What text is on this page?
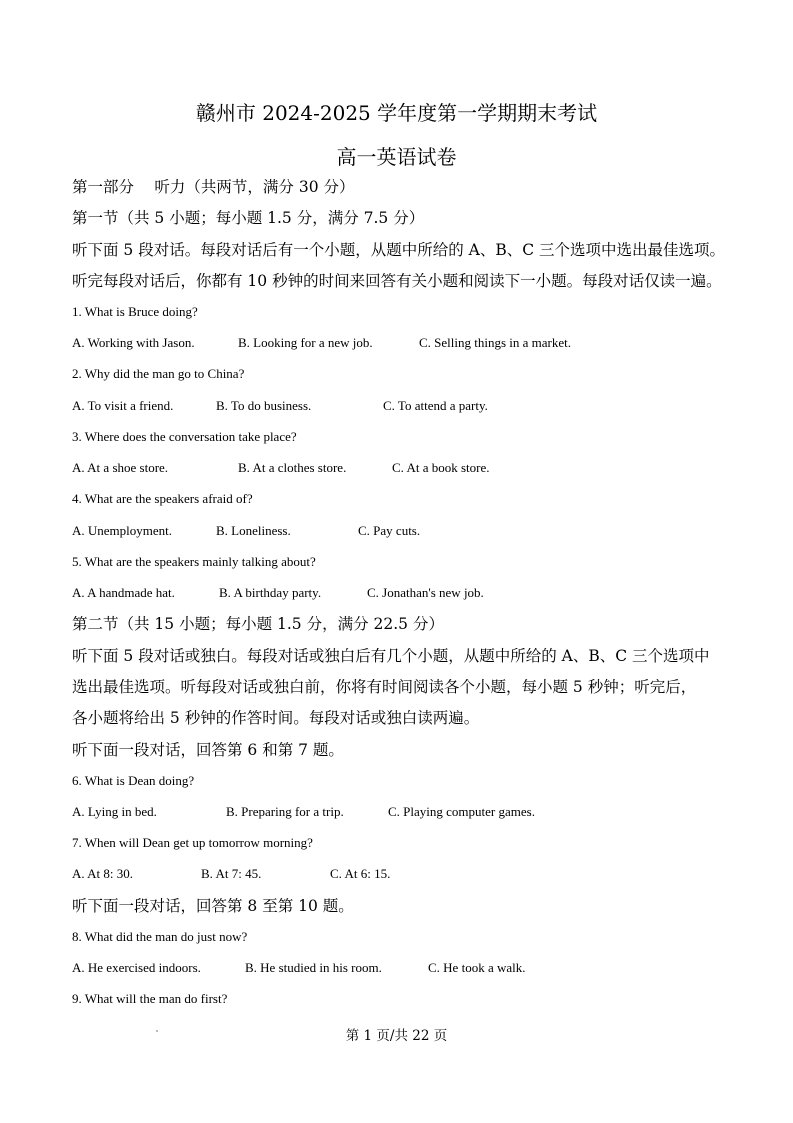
赣州市 2024-2025 学年度第一学期期末考试
高一英语试卷
第一部分　 听力（共两节，满分 30 分）
第一节（共 5 小题；每小题 1.5 分，满分 7.5 分）
听下面 5 段对话。每段对话后有一个小题，从题中所给的 A、B、C 三个选项中选出最佳选项。
听完每段对话后，你都有 10 秒钟的时间来回答有关小题和阅读下一小题。每段对话仅读一遍。
1. What is Bruce doing?
A. Working with Jason.	B. Looking for a new job.	C. Selling things in a market.
2. Why did the man go to China?
A. To visit a friend.	B. To do business.	C. To attend a party.
3. Where does the conversation take place?
A. At a shoe store.	B. At a clothes store.	C. At a book store.
4. What are the speakers afraid of?
A. Unemployment.	B. Loneliness.	C. Pay cuts.
5. What are the speakers mainly talking about?
A. A handmade hat.	B. A birthday party.	C. Jonathan's new job.
第二节（共 15 小题；每小题 1.5 分，满分 22.5 分）
听下面 5 段对话或独白。每段对话或独白后有几个小题，从题中所给的 A、B、C 三个选项中
选出最佳选项。听每段对话或独白前，你将有时间阅读各个小题，每小题 5 秒钟；听完后，
各小题将给出 5 秒钟的作答时间。每段对话或独白读两遍。
听下面一段对话，回答第 6 和第 7 题。
6. What is Dean doing?
A. Lying in bed.	B. Preparing for a trip.	C. Playing computer games.
7. When will Dean get up tomorrow morning?
A. At 8: 30.	B. At 7: 45.	C. At 6: 15.
听下面一段对话，回答第 8 至第 10 题。
8. What did the man do just now?
A. He exercised indoors.	B. He studied in his room.	C. He took a walk.
9. What will the man do first?
第 1 页/共 22 页
